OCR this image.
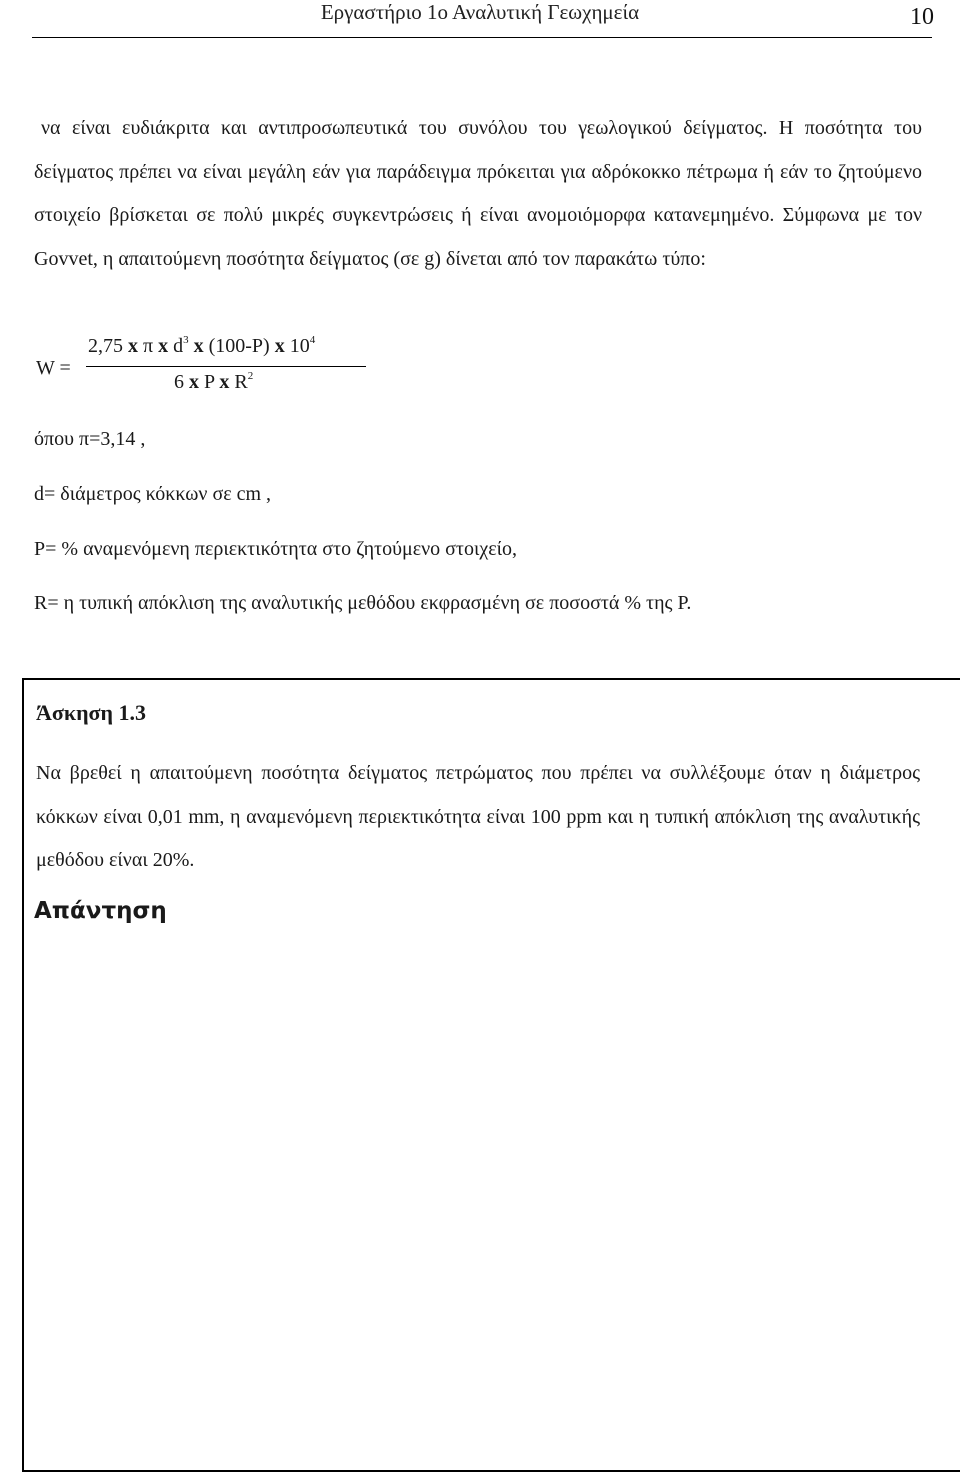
Εργαστήριο 1ο Αναλυτική Γεωχημεία	10
να είναι ευδιάκριτα και αντιπροσωπευτικά του συνόλου του γεωλογικού δείγματος. Η ποσότητα του δείγματος πρέπει να είναι μεγάλη εάν για παράδειγμα πρόκειται για αδρόκοκκο πέτρωμα ή εάν το ζητούμενο στοιχείο βρίσκεται σε πολύ μικρές συγκεντρώσεις ή είναι ανομοιόμορφα κατανεμημένο. Σύμφωνα με τον Govvet, η απαιτούμενη ποσότητα δείγματος (σε g) δίνεται από τον παρακάτω τύπο:
W =
2,75 x π x $d^3$ x (100-P) x $10^4$
6 x P x $R^2$
όπου π=3,14 ,
d= διάμετρος κόκκων σε cm ,
P= % αναμενόμενη περιεκτικότητα στο ζητούμενο στοιχείο,
R= η τυπική απόκλιση της αναλυτικής μεθόδου εκφρασμένη σε ποσοστά % της P.
Άσκηση 1.3
Να βρεθεί η απαιτούμενη ποσότητα δείγματος πετρώματος που πρέπει να συλλέξουμε όταν η διάμετρος κόκκων είναι 0,01 mm, η αναμενόμενη περιεκτικότητα είναι 100 ppm και η τυπική απόκλιση της αναλυτικής μεθόδου είναι 20%.
Απάντηση
